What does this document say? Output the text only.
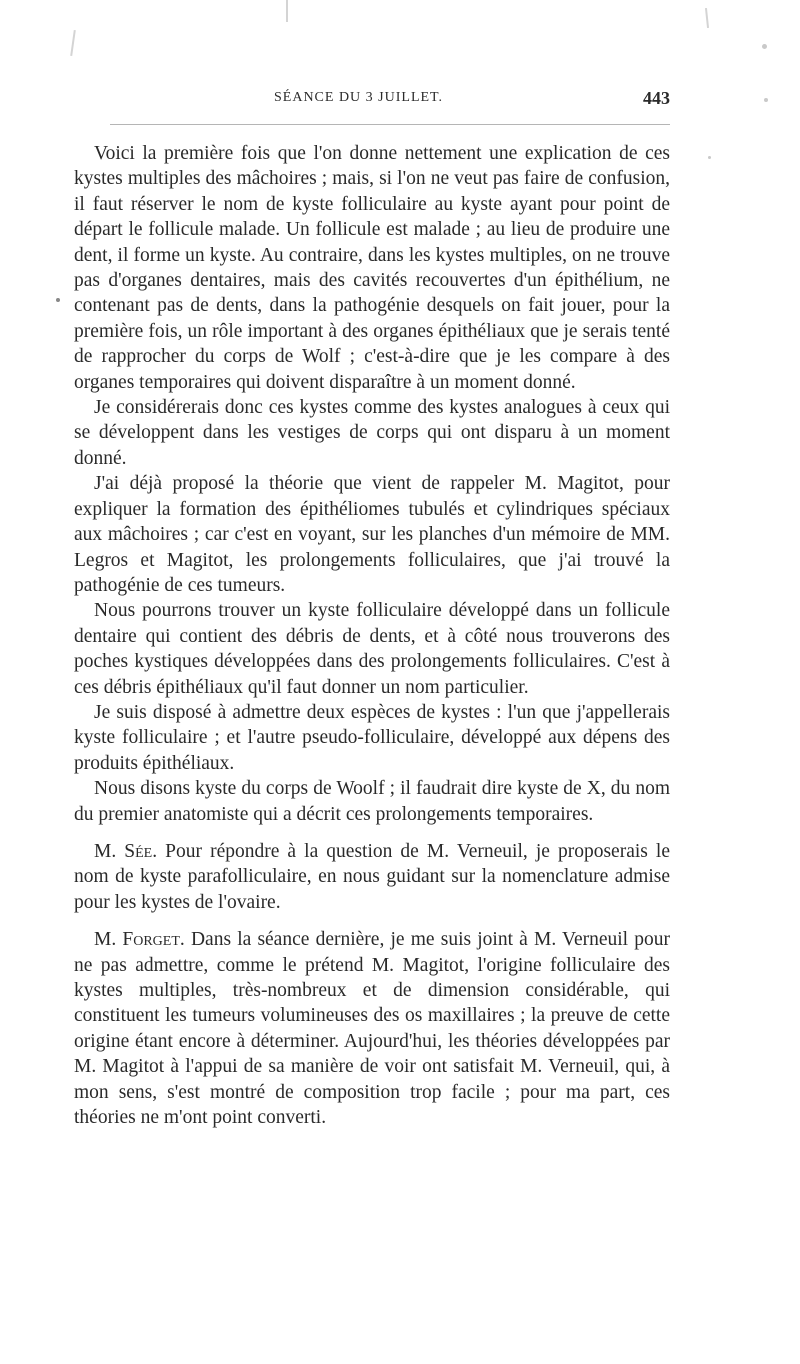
SÉANCE DU 3 JUILLET.	443

Voici la première fois que l'on donne nettement une explication de ces kystes multiples des mâchoires ; mais, si l'on ne veut pas faire de confusion, il faut réserver le nom de kyste folliculaire au kyste ayant pour point de départ le follicule malade. Un follicule est malade ; au lieu de produire une dent, il forme un kyste. Au contraire, dans les kystes multiples, on ne trouve pas d'organes dentaires, mais des cavités recouvertes d'un épithélium, ne contenant pas de dents, dans la pathogénie desquels on fait jouer, pour la première fois, un rôle important à des organes épithéliaux que je serais tenté de rapprocher du corps de Wolf ; c'est-à-dire que je les compare à des organes temporaires qui doivent disparaître à un moment donné.

Je considérerais donc ces kystes comme des kystes analogues à ceux qui se développent dans les vestiges de corps qui ont disparu à un moment donné.

J'ai déjà proposé la théorie que vient de rappeler M. Magitot, pour expliquer la formation des épithéliomes tubulés et cylindriques spéciaux aux mâchoires ; car c'est en voyant, sur les planches d'un mémoire de MM. Legros et Magitot, les prolongements folliculaires, que j'ai trouvé la pathogénie de ces tumeurs.

Nous pourrons trouver un kyste folliculaire développé dans un follicule dentaire qui contient des débris de dents, et à côté nous trouverons des poches kystiques développées dans des prolongements folliculaires. C'est à ces débris épithéliaux qu'il faut donner un nom particulier.

Je suis disposé à admettre deux espèces de kystes : l'un que j'appellerais kyste folliculaire ; et l'autre pseudo-folliculaire, développé aux dépens des produits épithéliaux.

Nous disons kyste du corps de Woolf ; il faudrait dire kyste de X, du nom du premier anatomiste qui a décrit ces prolongements temporaires.

M. Sée. Pour répondre à la question de M. Verneuil, je proposerais le nom de kyste parafolliculaire, en nous guidant sur la nomenclature admise pour les kystes de l'ovaire.

M. Forget. Dans la séance dernière, je me suis joint à M. Verneuil pour ne pas admettre, comme le prétend M. Magitot, l'origine folliculaire des kystes multiples, très-nombreux et de dimension considérable, qui constituent les tumeurs volumineuses des os maxillaires ; la preuve de cette origine étant encore à déterminer. Aujourd'hui, les théories développées par M. Magitot à l'appui de sa manière de voir ont satisfait M. Verneuil, qui, à mon sens, s'est montré de composition trop facile ; pour ma part, ces théories ne m'ont point converti.
